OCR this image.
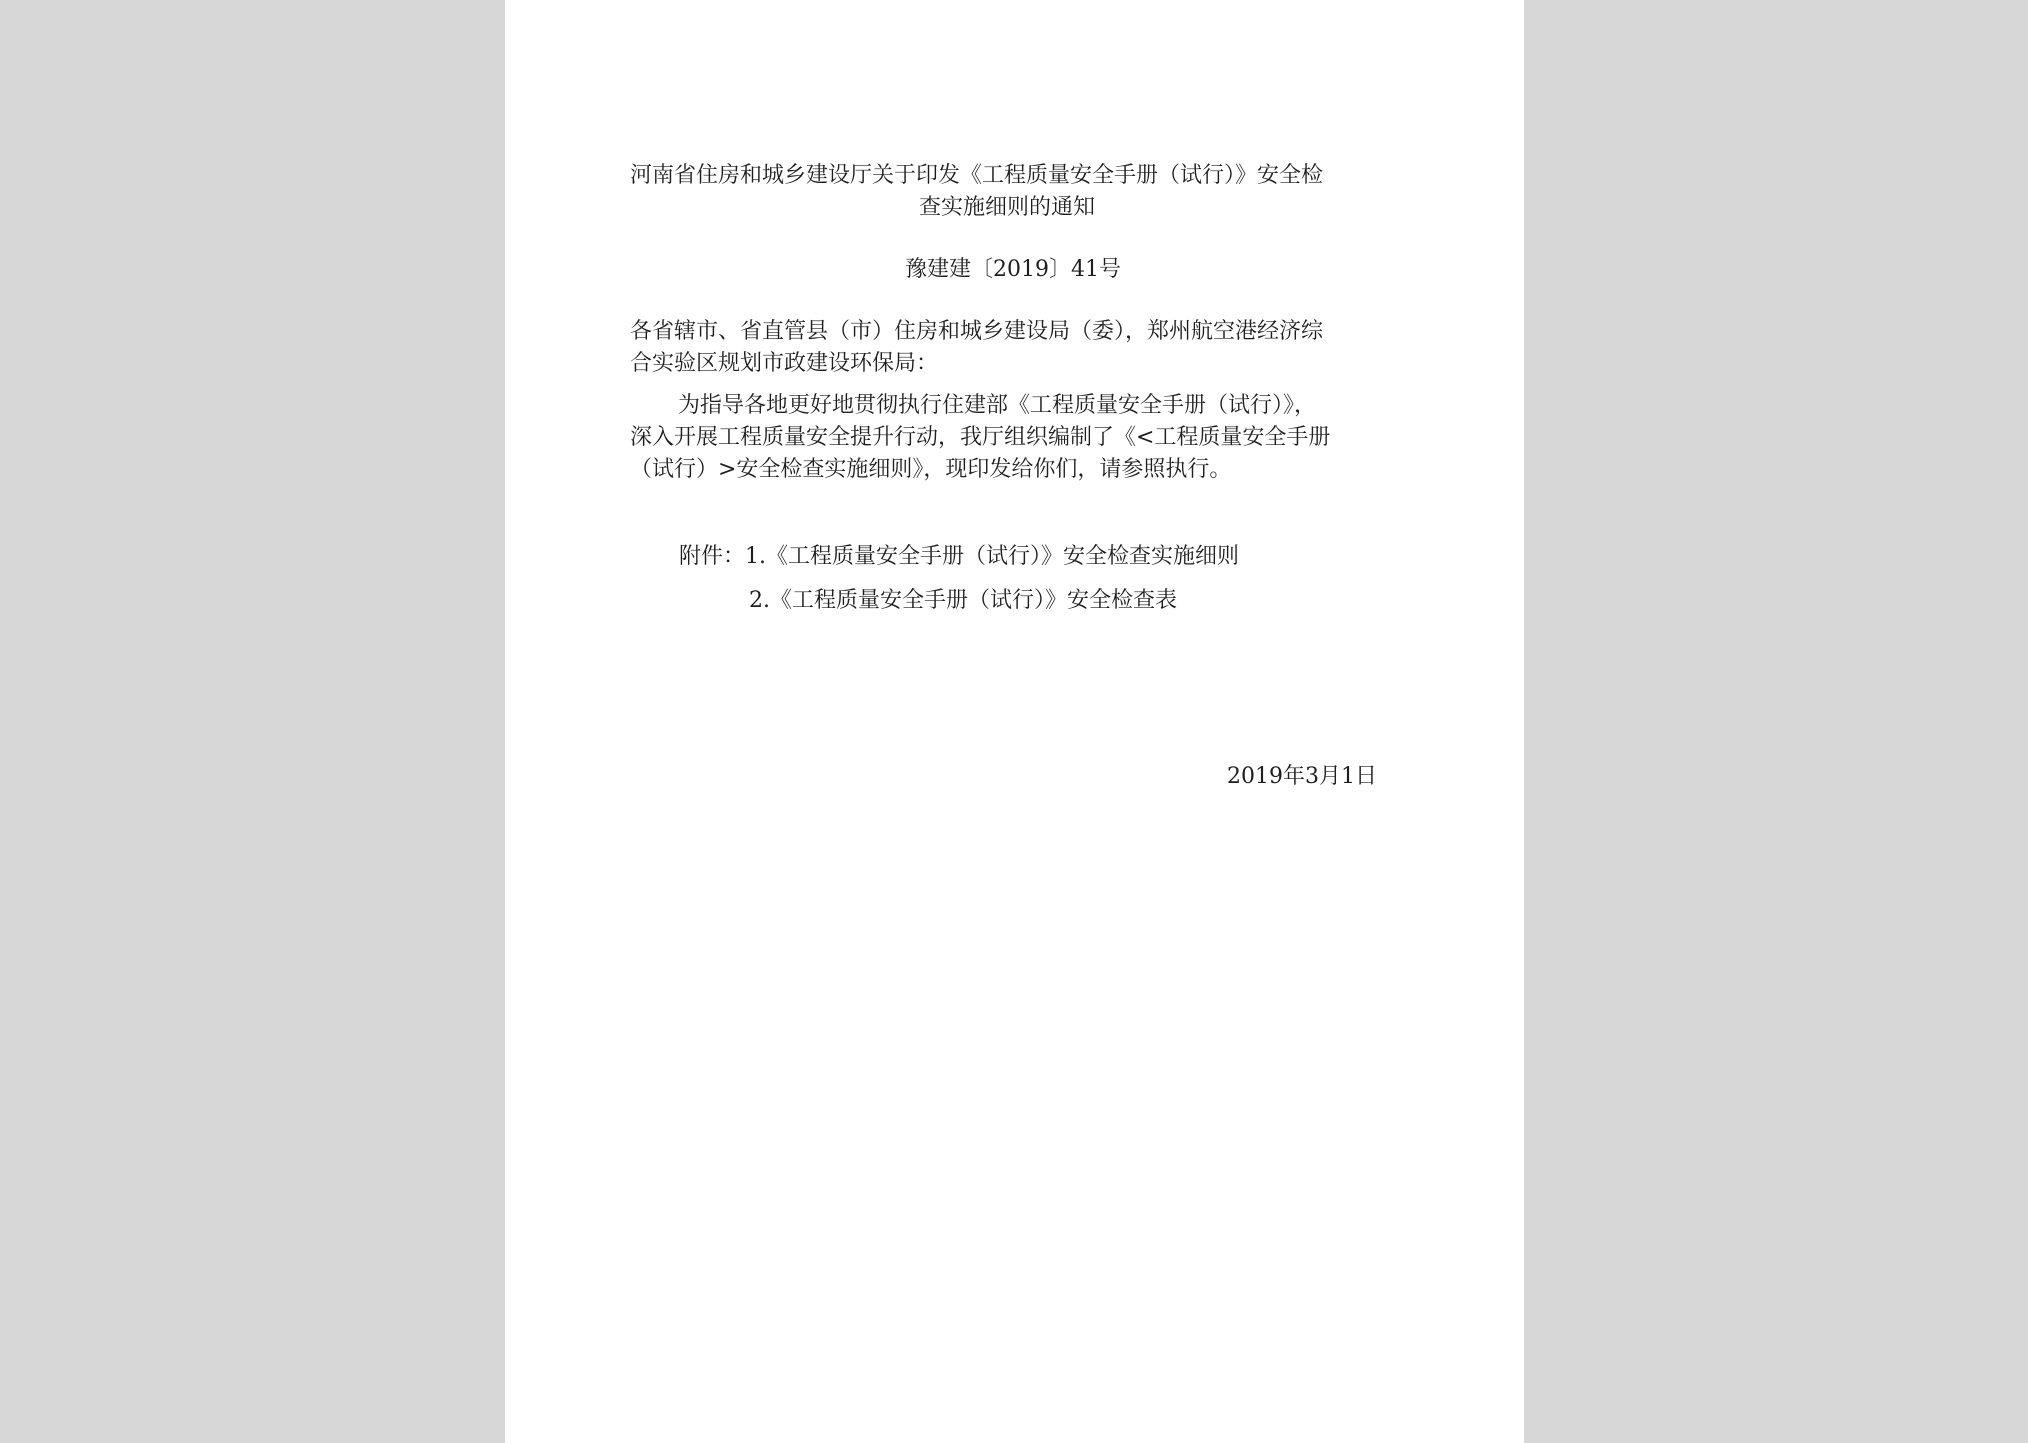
河南省住房和城乡建设厅关于印发《工程质量安全手册（试行）》安全检
查实施细则的通知
豫建建〔2019〕41号
各省辖市、省直管县（市）住房和城乡建设局（委），郑州航空港经济综
合实验区规划市政建设环保局：
为指导各地更好地贯彻执行住建部《工程质量安全手册（试行）》，
深入开展工程质量安全提升行动，我厅组织编制了《<工程质量安全手册
（试行）>安全检查实施细则》，现印发给你们，请参照执行。
附件：1.《工程质量安全手册（试行）》安全检查实施细则
2.《工程质量安全手册（试行）》安全检查表
2019年3月1日
